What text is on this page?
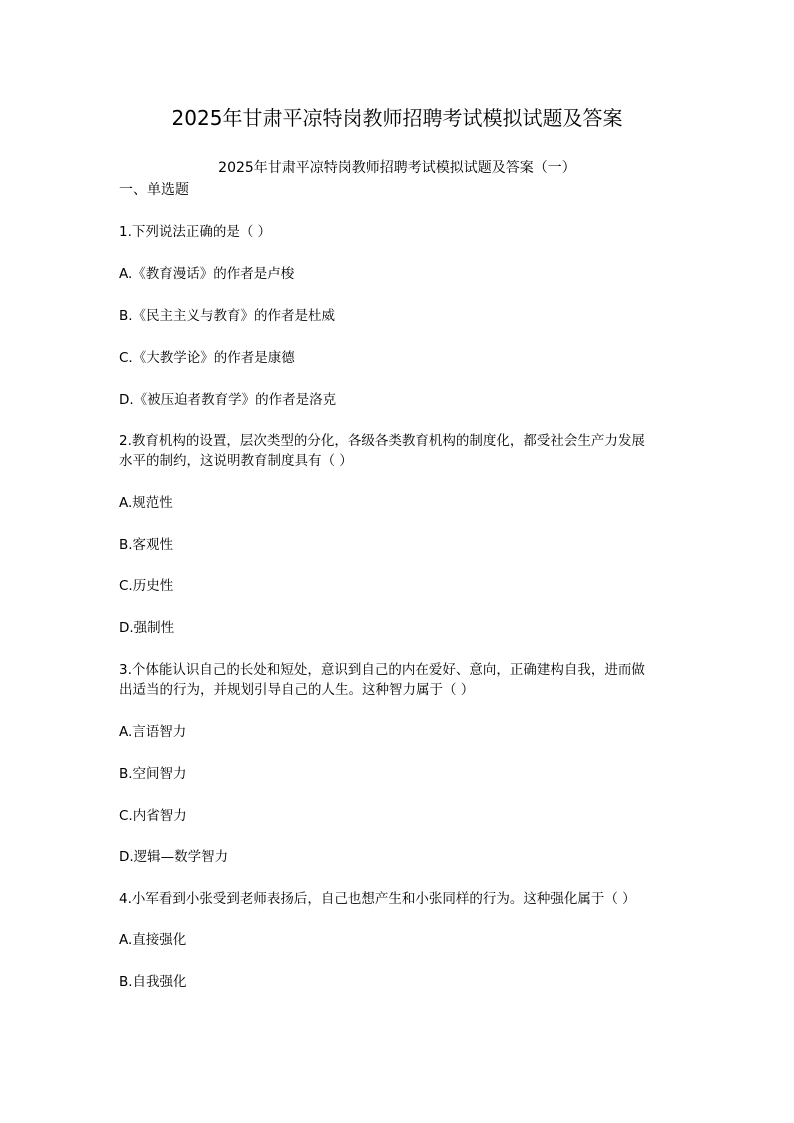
2025年甘肃平凉特岗教师招聘考试模拟试题及答案
2025年甘肃平凉特岗教师招聘考试模拟试题及答案（一）
一、单选题
1.下列说法正确的是（ ）
A.《教育漫话》的作者是卢梭
B.《民主主义与教育》的作者是杜威
C.《大教学论》的作者是康德
D.《被压迫者教育学》的作者是洛克
2.教育机构的设置，层次类型的分化，各级各类教育机构的制度化，都受社会生产力发展
水平的制约，这说明教育制度具有（ ）
A.规范性
B.客观性
C.历史性
D.强制性
3.个体能认识自己的长处和短处，意识到自己的内在爱好、意向，正确建构自我，进而做
出适当的行为，并规划引导自己的人生。这种智力属于（ ）
A.言语智力
B.空间智力
C.内省智力
D.逻辑—数学智力
4.小军看到小张受到老师表扬后，自己也想产生和小张同样的行为。这种强化属于（ ）
A.直接强化
B.自我强化
